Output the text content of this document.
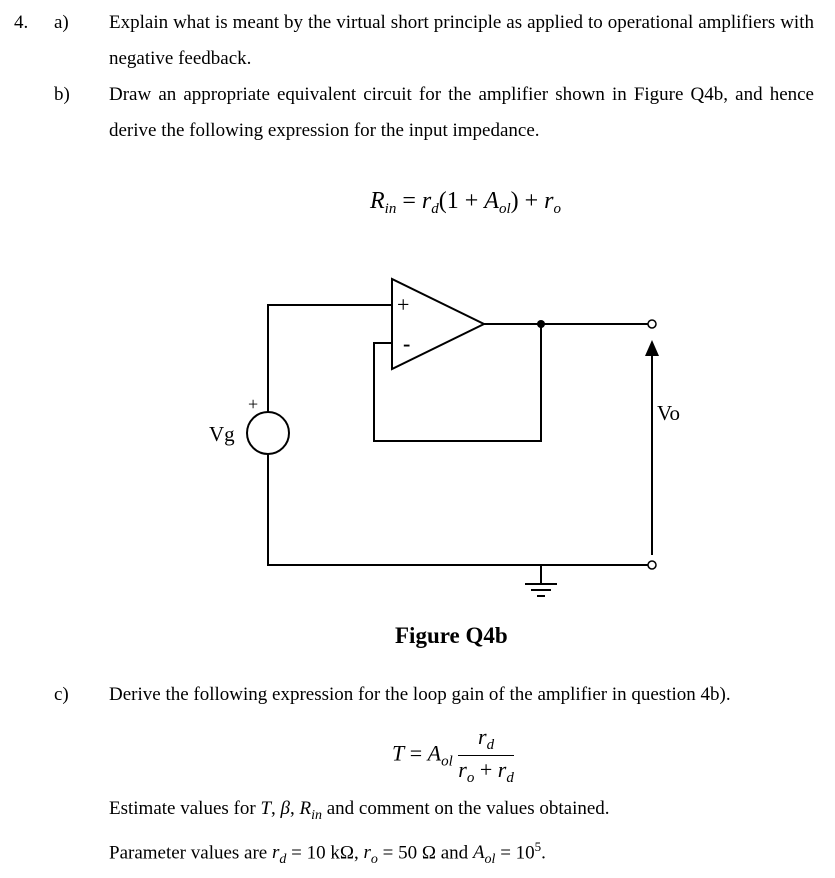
4. a) Explain what is meant by the virtual short principle as applied to operational amplifiers with negative feedback.
b) Draw an appropriate equivalent circuit for the amplifier shown in Figure Q4b, and hence derive the following expression for the input impedance.
$R_{in} = r_d(1 + A_{ol}) + r_o$
+
-
+
Vg
Vo
Figure Q4b
c) Derive the following expression for the loop gain of the amplifier in question 4b).
$T = A_{ol} \frac{r_d}{r_o + r_d}$
Estimate values for T, β, $R_{in}$ and comment on the values obtained.
Parameter values are $r_d = 10$ kΩ, $r_o = 50$ Ω and $A_{ol} = 10^5$.
